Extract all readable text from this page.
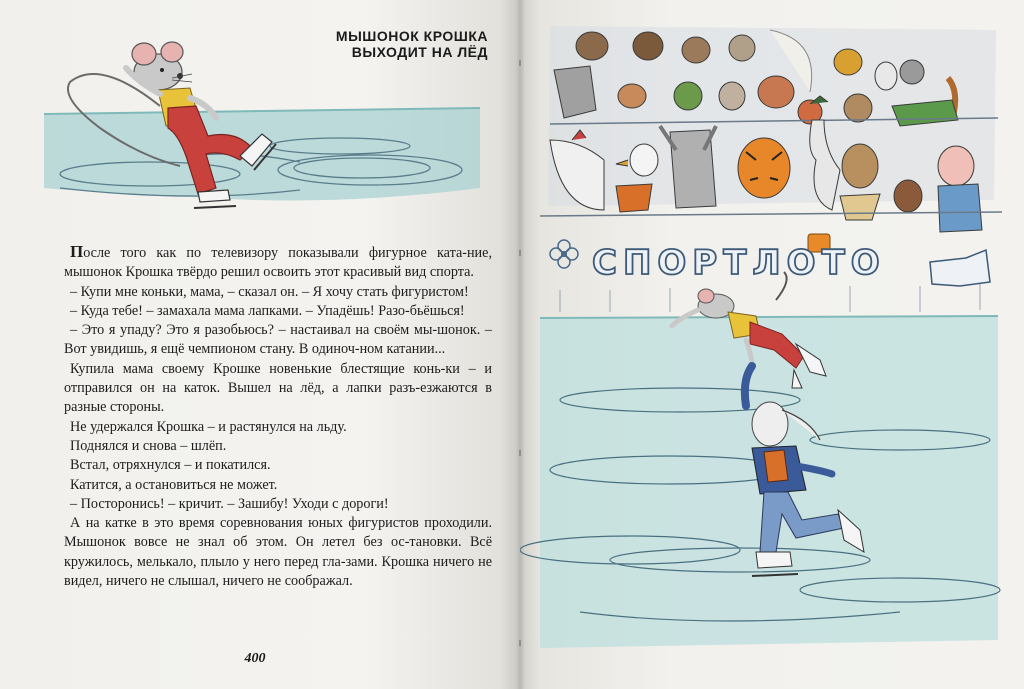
МЫШОНОК КРОШКА
ВЫХОДИТ НА ЛЁД

После того как по телевизору показывали фигурное ката-ние, мышонок Крошка твёрдо решил освоить этот красивый вид спорта.

– Купи мне коньки, мама, – сказал он. – Я хочу стать фигуристом!

– Куда тебе! – замахала мама лапками. – Упадёшь! Разо-бьёшься!

– Это я упаду? Это я разобьюсь? – настаивал на своём мы-шонок. – Вот увидишь, я ещё чемпионом стану. В одиноч-ном катании...

Купила мама своему Крошке новенькие блестящие конь-ки – и отправился он на каток. Вышел на лёд, а лапки разъ-езжаются в разные стороны.

Не удержался Крошка – и растянулся на льду.

Поднялся и снова – шлёп.

Встал, отряхнулся – и покатился.

Катится, а остановиться не может.

– Посторонись! – кричит. – Зашибу! Уходи с дороги!

А на катке в это время соревнования юных фигуристов проходили. Мышонок вовсе не знал об этом. Он летел без ос-тановки. Всё кружилось, мелькало, плыло у него перед гла-зами. Крошка ничего не видел, ничего не слышал, ничего не соображал.

400
СПОРТЛОТО
